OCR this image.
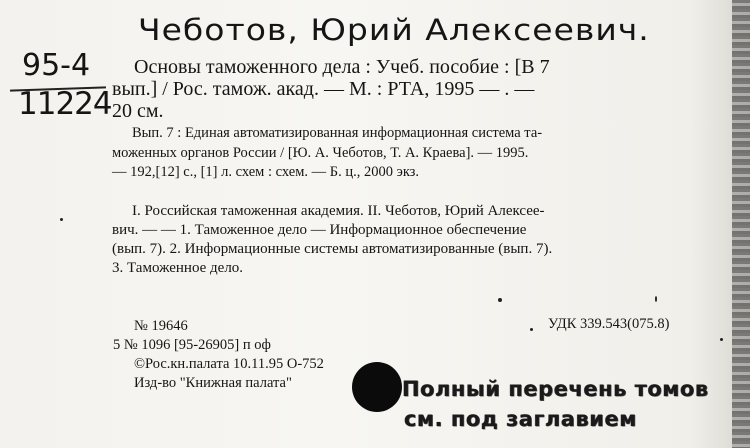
Чеботов, Юрий Алексеевич.
95-4
11224
Основы таможенного дела : Учеб. пособие : [В 7
вып.] / Рос. тамож. акад. — М. : РТА, 1995 — . —
20 см.
Вып. 7 : Единая автоматизированная информационная система та-
моженных органов России / [Ю. А. Чеботов, Т. А. Краева]. — 1995.
— 192,[12] с., [1] л. схем : схем. — Б. ц., 2000 экз.
I. Российская таможенная академия. II. Чеботов, Юрий Алексее-
вич. — — 1. Таможенное дело — Информационное обеспечение
(вып. 7). 2. Информационные системы автоматизированные (вып. 7).
3. Таможенное дело.
№ 19646	УДК 339.543(075.8)
5 № 1096 [95-26905] п оф
©Рос.кн.палата 10.11.95 О-752
Изд-во "Книжная палата"	Полный перечень томов
см. под заглавием
